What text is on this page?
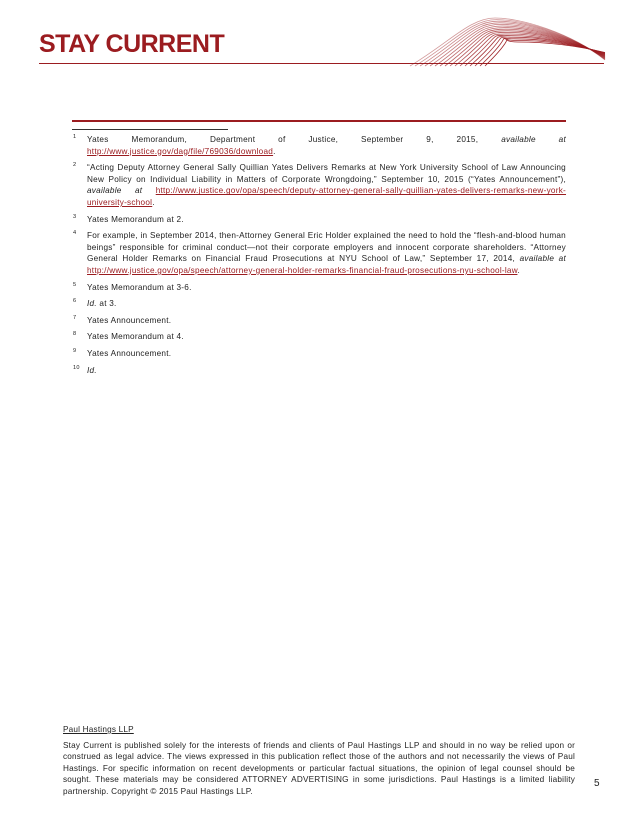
STAY CURRENT
1 Yates Memorandum, Department of Justice, September 9, 2015, available at http://www.justice.gov/dag/file/769036/download.
2 “Acting Deputy Attorney General Sally Quillian Yates Delivers Remarks at New York University School of Law Announcing New Policy on Individual Liability in Matters of Corporate Wrongdoing,” September 10, 2015 (“Yates Announcement”), available at http://www.justice.gov/opa/speech/deputy-attorney-general-sally-quillian-yates-delivers-remarks-new-york-university-school.
3 Yates Memorandum at 2.
4 For example, in September 2014, then-Attorney General Eric Holder explained the need to hold the “flesh-and-blood human beings” responsible for criminal conduct—not their corporate employers and innocent corporate shareholders. “Attorney General Holder Remarks on Financial Fraud Prosecutions at NYU School of Law,” September 17, 2014, available at http://www.justice.gov/opa/speech/attorney-general-holder-remarks-financial-fraud-prosecutions-nyu-school-law.
5 Yates Memorandum at 3-6.
6 Id. at 3.
7 Yates Announcement.
8 Yates Memorandum at 4.
9 Yates Announcement.
10 Id.
Paul Hastings LLP
Stay Current is published solely for the interests of friends and clients of Paul Hastings LLP and should in no way be relied upon or construed as legal advice. The views expressed in this publication reflect those of the authors and not necessarily the views of Paul Hastings. For specific information on recent developments or particular factual situations, the opinion of legal counsel should be sought. These materials may be considered ATTORNEY ADVERTISING in some jurisdictions. Paul Hastings is a limited liability partnership. Copyright © 2015 Paul Hastings LLP.
5
